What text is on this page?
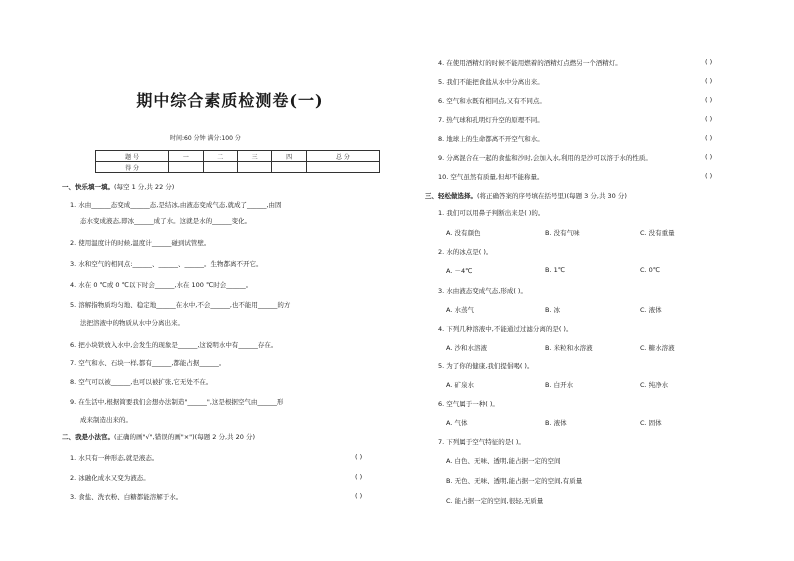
期中综合素质检测卷(一)
时间:60 分钟 满分:100 分
题 号	一	二	三	四	总 分
得 分					
一、快乐填一填。(每空 1 分,共 22 分)
1. 水由______态变成______态,是结冰,由液态变成气态,就成了______,由固
态水变成液态,即冰______成了水。这就是水的______变化。
2. 使用温度计的时候,温度计______碰到试管壁。
3. 水和空气的相同点:______、______、______。生物都离不开它。
4. 水在 0 ℃或 0 ℃以下时会______,水在 100 ℃时会______。
5. 溶解指物质均匀地、稳定地______在水中,不会______,也不能用______的方
法把溶液中的物质从水中分离出来。
6. 把小块铁放入水中,会发生的现象是______,这说明水中有______存在。
7. 空气和水、石块一样,都有______,都能占据______。
8. 空气可以被______,也可以被扩张,它无处不在。
9. 在生活中,根据简要我们会想办法制造"______",这是根据空气由______形
成来制造出来的。
二、我是小法官。(正确的画"√",错误的画"×")(每题 2 分,共 20 分)
1. 水只有一种形态,就是液态。	( )
2. 冰融化成水又变为液态。	( )
3. 食盐、洗衣粉、白糖都能溶解于水。	( )
4. 在使用酒精灯的时候不能用燃着的酒精灯点燃另一个酒精灯。	( )
5. 我们不能把食盐从水中分离出来。	( )
6. 空气和水既有相同点,又有不同点。	( )
7. 热气球和孔明灯升空的原理不同。	( )
8. 地球上的生命都离不开空气和水。	( )
9. 分离混合在一起的食盐和沙时,会加入水,利用的是沙可以溶于水的性质。	( )
10. 空气虽然有质量,但却不能称量。	( )
三、轻松做选择。(将正确答案的序号填在括号里)(每题 3 分,共 30 分)
1. 我们可以用鼻子判断出来是( )的。
A. 没有颜色	B. 没有气味	C. 没有重量
2. 水的冰点是( )。
A. －4℃	B. 1℃	C. 0℃
3. 水由液态变成气态,形成( )。
A. 水蒸气	B. 冰	C. 液体
4. 下列几种溶液中,不能通过过滤分离的是( )。
A. 沙和水溶液	B. 米粒和水溶液	C. 糖水溶液
5. 为了你的健康,我们提倡喝( )。
A. 矿泉水	B. 白开水	C. 纯净水
6. 空气属于一种( )。
A. 气体	B. 液体	C. 固体
7. 下列属于空气特征的是( )。
A. 白色、无味、透明,能占据一定的空间
B. 无色、无味、透明,能占据一定的空间,有质量
C. 能占据一定的空间,很轻,无质量
